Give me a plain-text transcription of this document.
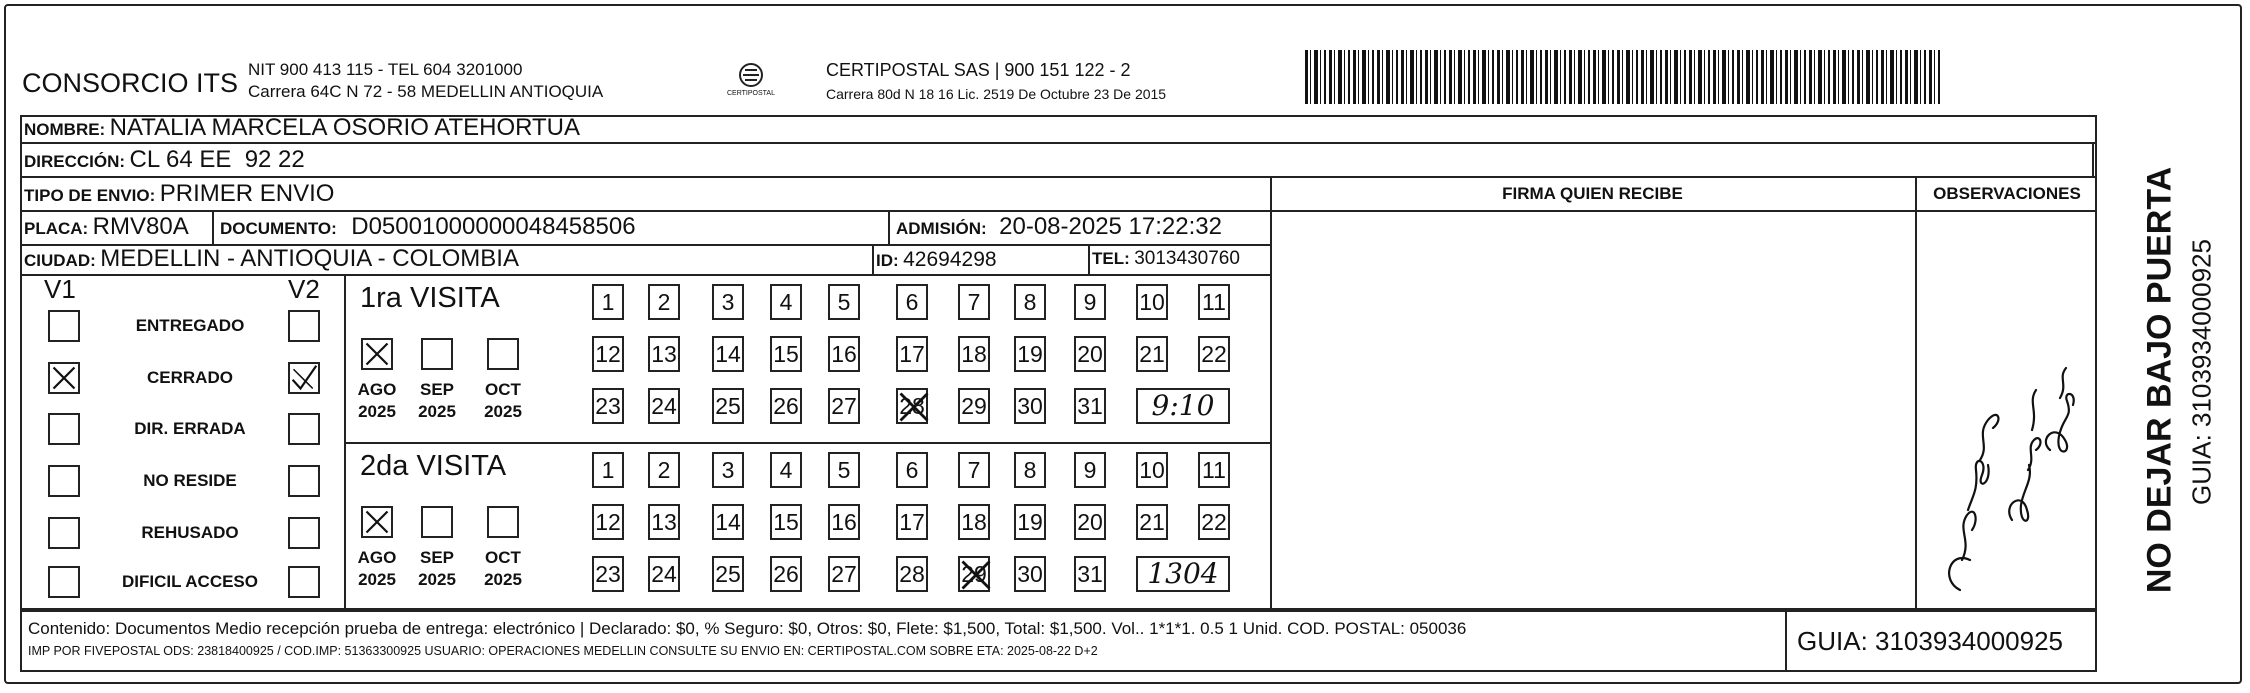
CONSORCIO ITS NIT 900 413 115 - TEL 604 3201000
Carrera 64C N 72 - 58 MEDELLIN ANTIOQUIA	CERTIPOSTAL
CERTIPOSTAL SAS | 900 151 122 - 2
Carrera 80d N 18 16 Lic. 2519 De Octubre 23 De 2015
NOMBRE: NATALIA MARCELA OSORIO ATEHORTUA
DIRECCIÓN: CL 64 EE  92 22
TIPO DE ENVIO: PRIMER ENVIO	FIRMA QUIEN RECIBE	OBSERVACIONES
PLACA: RMV80A DOCUMENTO: D05001000000048458506	ADMISIÓN: 20-08-2025 17:22:32
CIUDAD: MEDELLIN - ANTIOQUIA - COLOMBIA	ID: 42694298	TEL: 3013430760
V1	V2
ENTREGADO
CERRADO
DIR. ERRADA
NO RESIDE
REHUSADO
DIFICIL ACCESO
1ra VISITA
AGO
2025
SEP
2025
OCT
2025
1	2	3	4	5	6	7	8	9	10 11
12 13 14 15 16 17 18 19 20 21 22
23 24 25 26 27 28 29 30 31	9:10
2da VISITA
AGO
2025
SEP
2025
OCT
2025
1	2	3	4	5	6	7	8	9	10 11
12 13 14 15 16 17 18 19 20 21 22
23 24 25 26 27 28 29 30 31	1304
Contenido: Documentos Medio recepción prueba de entrega: electrónico | Declarado: $0, % Seguro: $0, Otros: $0, Flete: $1,500, Total: $1,500. Vol.. 1*1*1. 0.5 1 Unid. COD. POSTAL: 050036
IMP POR FIVEPOSTAL ODS: 23818400925 / COD.IMP: 51363300925 USUARIO: OPERACIONES MEDELLIN CONSULTE SU ENVIO EN: CERTIPOSTAL.COM SOBRE ETA: 2025-08-22 D+2	GUIA: 3103934000925
NO DEJAR BAJO PUERTA GUIA: 3103934000925
